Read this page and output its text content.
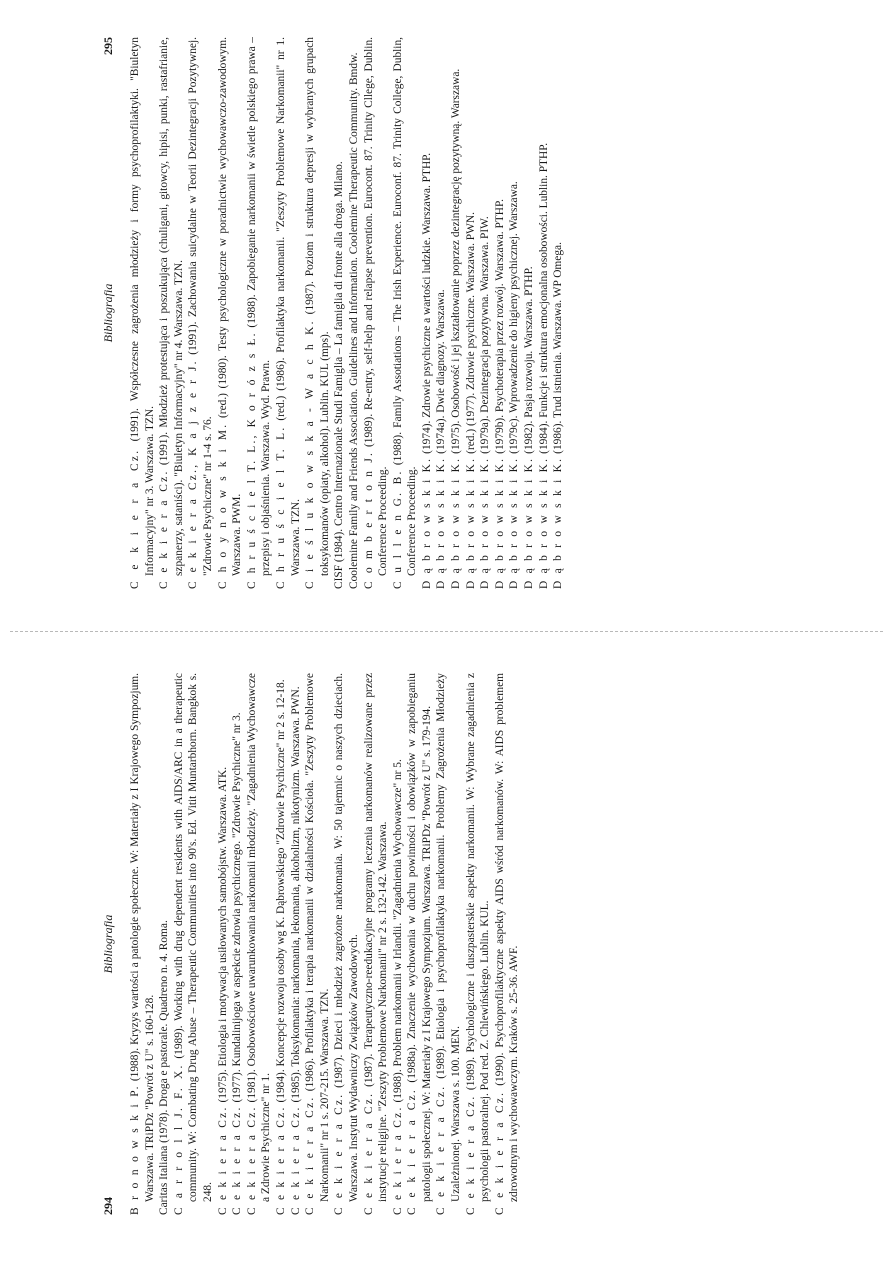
294
Bibliografia

B r o n o w s k i P.(1988). Kryzys wartości a patologie społeczne. W: Materiały z I Krajowego Sympozjum. Warszawa. TRiPDz "Powrót z U" s. 160-128. Caritas Italiana (1978). Droga e pastorale. Quadreno n. 4. Roma. C a r r o l l J. F. X.(1989). Working with drug dependent residents with AIDS/ARC in a therapeutic community. W: Combating Drug Abuse – Therapeutic Communities into 90's. Ed. Vitit Muntarbhorn. Bangkok s. 248. C e k i e r a Cz.(1975). Etiologia i motywacja usiłowanych samobójstw. Warszawa. ATK.

C e k i e r a Cz.(1977). Kundalinijoga w aspekcie zdrowia psychicznego. "Zdrowie Psychiczne" nr 3.

C e k i e r a Cz.(1981). Osobowościowe uwarunkowania narkomanii młodzieży. "Zagadnienia Wychowawcze a Zdrowie Psychiczne" nr 1. C e k i e r a Cz.(1984). Koncepcje rozwoju osoby wg K. Dąbrowskiego "Zdrowie Psychiczne" nr 2 s. 12-18.

C e k i e r a Cz.(1985). Toksykomania: narkomania, lekomania, alkoholizm, nikotynizm. Warszawa. PWN.

C e k i e r a Cz.(1986). Profilaktyka i terapia narkomanii w działalności Kościoła. "Zeszyty Problemowe Narkomanii" nr 1 s. 207-215. Warszawa. TZN. C e k i e r a Cz.(1987). Dzieci i młodzież zagrożone narkomania. W: 50 tajemnic o naszych dzieciach. Warszawa. Instytut Wydawniczy Związków Zawodowych. C e k i e r a Cz.(1987). Terapeutyczno-reedukacyjne programy leczenia narkomanów realizowane przez instytucje religijne. "Zeszyty Problemowe Narkomanii" nr 2 s. 132-142. Warszawa. C e k i e r a Cz.(1988). Problem narkomanii w Irlandii. "Zagadnienia Wychowawcze" nr 5.

C e k i e r a Cz.(1988a). Znaczenie wychowania w duchu powinności i obowiązków w zapobieganiu patologii społecznej. W: Materiały z I Krajowego Sympozjum. Warszawa. TRiPDz "Powrót z U" s. 179-194. C e k i e r a Cz.(1989). Etiologia i psychoprofilaktyka narkomanii. Problemy Zagrożenia Młodzieży Uzależnionej. Warszawa s. 100. MEN. C e k i e r a Cz.(1989). Psychologiczne i duszpasterskie aspekty narkomanii. W: Wybrane zagadnienia z psychologii pastoralnej. Pod red. Z. Chlewińskiego. Lublin. KUL. C e k i e r a Cz.(1990). Psychoprofilaktyczne aspekty AIDS wśród narkomanów. W: AIDS problemem zdrowotnym i wychowawczym. Kraków s. 25-36. AWF.

Bibliografia
295

C e k i e r a Cz.(1991). Współczesne zagrożenia młodzieży i formy psychoprofilaktyki. "Biuletyn Informacyjny" nr 3. Warszawa. TZN. C e k i e r a Cz.(1991). Młodzież protestująca i poszukująca (chuligani, gitowcy, hipisi, punki, rastafrianie, szpanerzy, sataniści). "Biuletyn Informacyjny" nr 4. Warszawa. TZN. C e k i e r a Cz., K a j z e r J.(1991). Zachowania suicydalne w Teorii Dezintegracji Pozytywnej. "Zdrowie Psychiczne" nr 1-4 s. 76. C h o y n o w s k i M.(red.) (1980). Testy psychologiczne w poradnictwie wychowawczo-zawodowym. Warszawa. PWM. C h r u ś c i e l T. L., K o r ó z s Ł.(1988). Zapobieganie narkomanii w świetle polskiego prawa – przepisy i objaśnienia. Warszawa. Wyd. Prawn. C h r u ś c i e l T. L.(red.) (1986). Profilaktyka narkomanii. "Zeszyty Problemowe Narkomanii" nr 1. Warszawa. TZN. C i e ś l u k o w s k a - W a c h K.(1987). Poziom i struktura depresji w wybranych grupach toksykomanów (opiaty, alkohol). Lublin. KUL (mps). CISF (1984). Centro Internazionale Studi Famiglia – La famiglia di fronte alla droga. Milano. Coolemine Family and Friends Association. Guidelines and Information. Coolemine Therapeutic Community. Bmdw. C o m b e r t o n J.(1989). Re-entry, self-help and relapse prevention. Eurocont. 87. Trinity Cllege, Dublin. Conference Proceeding. C u l l e n G. B.(1988). Family Assotiations – The Irish Experience. Euroconf. 87. Trinity College, Dublin, Conference Proceeding. D ą b r o w s k i K.(1974). Zdrowie psychiczne a wartości ludzkie. Warszawa. PTHP.

D ą b r o w s k i K.(1974a). Dwie diagnozy. Warszawa.

D ą b r o w s k i K.(1975). Osobowość i jej kształtowanie poprzez dezintegrację pozytywną. Warszawa.

D ą b r o w s k i K.(red.) (1977). Zdrowie psychiczne. Warszawa. PWN.

D ą b r o w s k i K.(1979a). Dezintegracja pozytywna. Warszawa. PIW.

D ą b r o w s k i K.(1979b). Psychoterapia przez rozwój. Warszawa. PTHP.

D ą b r o w s k i K.(1979c). Wprowadzenie do higieny psychicznej. Warszawa.

D ą b r o w s k i K.(1982). Pasja rozwoju. Warszawa. PTHP.

D ą b r o w s k i K.(1984). Funkcje i struktura emocjonalna osobowości. Lublin. PTHP.

D ą b r o w s k i K.(1986). Trud istnienia. Warszawa. WP Omega.
